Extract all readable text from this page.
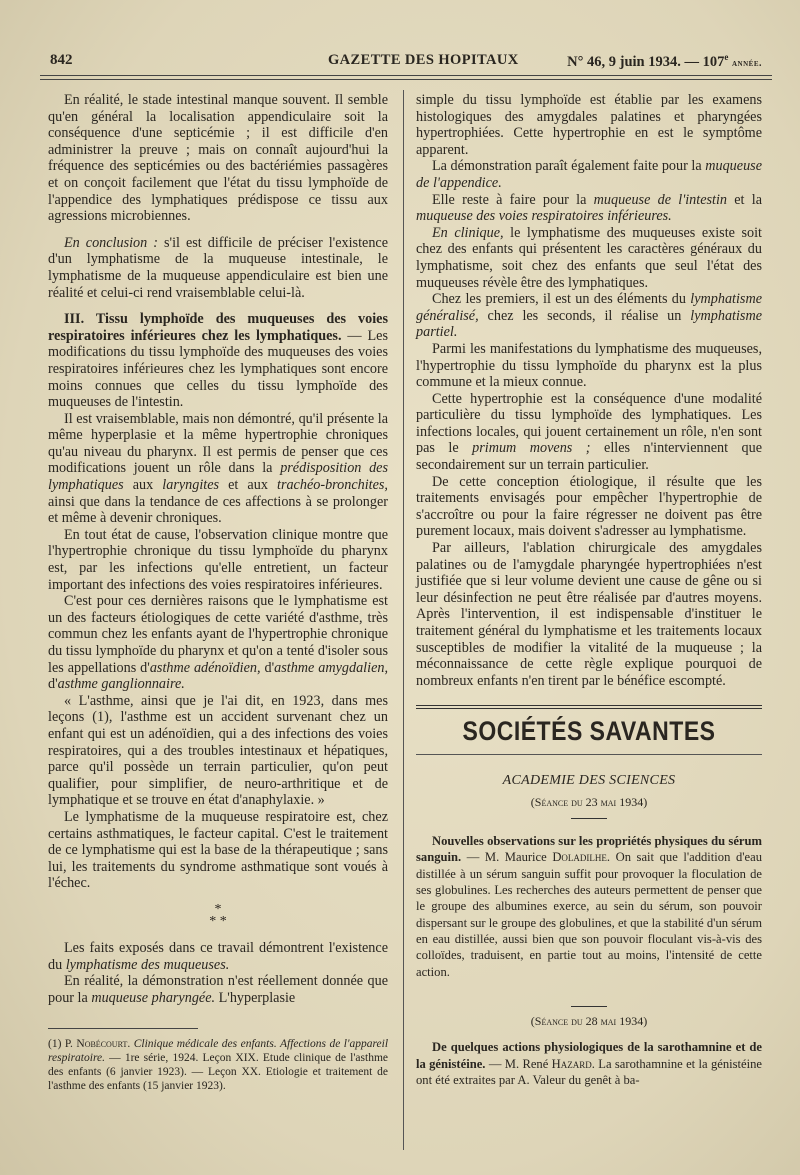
842	GAZETTE DES HOPITAUX	N° 46, 9 juin 1934. — 107e année.

En réalité, le stade intestinal manque souvent. Il semble qu'en général la localisation appendiculaire soit la conséquence d'une septicémie ; il est difficile d'en administrer la preuve ; mais on connaît aujourd'hui la fréquence des septicémies ou des bactériémies passagères et on conçoit facilement que l'état du tissu lymphoïde de l'appendice des lymphatiques prédispose ce tissu aux agressions microbiennes.

En conclusion : s'il est difficile de préciser l'existence d'un lymphatisme de la muqueuse intestinale, le lymphatisme de la muqueuse appendiculaire est bien une réalité et celui-ci rend vraisemblable celui-là.

III. Tissu lymphoïde des muqueuses des voies respiratoires inférieures chez les lymphatiques. — Les modifications du tissu lymphoïde des muqueuses des voies respiratoires inférieures chez les lymphatiques sont encore moins connues que celles du tissu lymphoïde des muqueuses de l'intestin.

Il est vraisemblable, mais non démontré, qu'il présente la même hyperplasie et la même hypertrophie chroniques qu'au niveau du pharynx. Il est permis de penser que ces modifications jouent un rôle dans la prédisposition des lymphatiques aux laryngites et aux trachéo-bronchites, ainsi que dans la tendance de ces affections à se prolonger et même à devenir chroniques.

En tout état de cause, l'observation clinique montre que l'hypertrophie chronique du tissu lymphoïde du pharynx est, par les infections qu'elle entretient, un facteur important des infections des voies respiratoires inférieures.

C'est pour ces dernières raisons que le lymphatisme est un des facteurs étiologiques de cette variété d'asthme, très commun chez les enfants ayant de l'hypertrophie chronique du tissu lymphoïde du pharynx et qu'on a tenté d'isoler sous les appellations d'asthme adénoïdien, d'asthme amygdalien, d'asthme ganglionnaire.

« L'asthme, ainsi que je l'ai dit, en 1923, dans mes leçons (1), l'asthme est un accident survenant chez un enfant qui est un adénoïdien, qui a des infections des voies respiratoires, qui a des troubles intestinaux et hépatiques, parce qu'il possède un terrain particulier, qu'on peut qualifier, pour simplifier, de neuro-arthritique et de lymphatique et se trouve en état d'anaphylaxie. »

Le lymphatisme de la muqueuse respiratoire est, chez certains asthmatiques, le facteur capital. C'est le traitement de ce lymphatisme qui est la base de la thérapeutique ; sans lui, les traitements du syndrome asthmatique sont voués à l'échec.

*
* *

Les faits exposés dans ce travail démontrent l'existence du lymphatisme des muqueuses.

En réalité, la démonstration n'est réellement donnée que pour la muqueuse pharyngée. L'hyperplasie

(1) P. Nobécourt. Clinique médicale des enfants. Affections de l'appareil respiratoire. — 1re série, 1924. Leçon XIX. Etude clinique de l'asthme des enfants (6 janvier 1923). — Leçon XX. Etiologie et traitement de l'asthme des enfants (15 janvier 1923).

simple du tissu lymphoïde est établie par les examens histologiques des amygdales palatines et pharyngées hypertrophiées. Cette hypertrophie en est le symptôme apparent.

La démonstration paraît également faite pour la muqueuse de l'appendice.

Elle reste à faire pour la muqueuse de l'intestin et la muqueuse des voies respiratoires inférieures.

En clinique, le lymphatisme des muqueuses existe soit chez des enfants qui présentent les caractères généraux du lymphatisme, soit chez des enfants que seul l'état des muqueuses révèle être des lymphatiques.

Chez les premiers, il est un des éléments du lymphatisme généralisé, chez les seconds, il réalise un lymphatisme partiel.

Parmi les manifestations du lymphatisme des muqueuses, l'hypertrophie du tissu lymphoïde du pharynx est la plus commune et la mieux connue.

Cette hypertrophie est la conséquence d'une modalité particulière du tissu lymphoïde des lymphatiques. Les infections locales, qui jouent certainement un rôle, n'en sont pas le primum movens ; elles n'interviennent que secondairement sur un terrain particulier.

De cette conception étiologique, il résulte que les traitements envisagés pour empêcher l'hypertrophie de s'accroître ou pour la faire régresser ne doivent pas être purement locaux, mais doivent s'adresser au lymphatisme.

Par ailleurs, l'ablation chirurgicale des amygdales palatines ou de l'amygdale pharyngée hypertrophiées n'est justifiée que si leur volume devient une cause de gêne ou si leur désinfection ne peut être réalisée par d'autres moyens. Après l'intervention, il est indispensable d'instituer le traitement général du lymphatisme et les traitements locaux susceptibles de modifier la vitalité de la muqueuse ; la méconnaissance de cette règle explique pourquoi de nombreux enfants n'en tirent par le bénéfice escompté.

SOCIÉTÉS SAVANTES
ACADEMIE DES SCIENCES
(Séance du 23 mai 1934)

Nouvelles observations sur les propriétés physiques du sérum sanguin. — M. Maurice Doladilhe. On sait que l'addition d'eau distillée à un sérum sanguin suffit pour provoquer la floculation de ses globulines. Les recherches des auteurs permettent de penser que le groupe des albumines exerce, au sein du sérum, son pouvoir dispersant sur le groupe des globulines, et que la stabilité d'un sérum en eau distillée, aussi bien que son pouvoir floculant vis-à-vis des colloïdes, traduisent, en partie tout au moins, l'intensité de cette action.

(Séance du 28 mai 1934)

De quelques actions physiologiques de la sarothamnine et de la génistéine. — M. René Hazard. La sarothamnine et la génistéine ont été extraites par A. Valeur du genêt à ba-
